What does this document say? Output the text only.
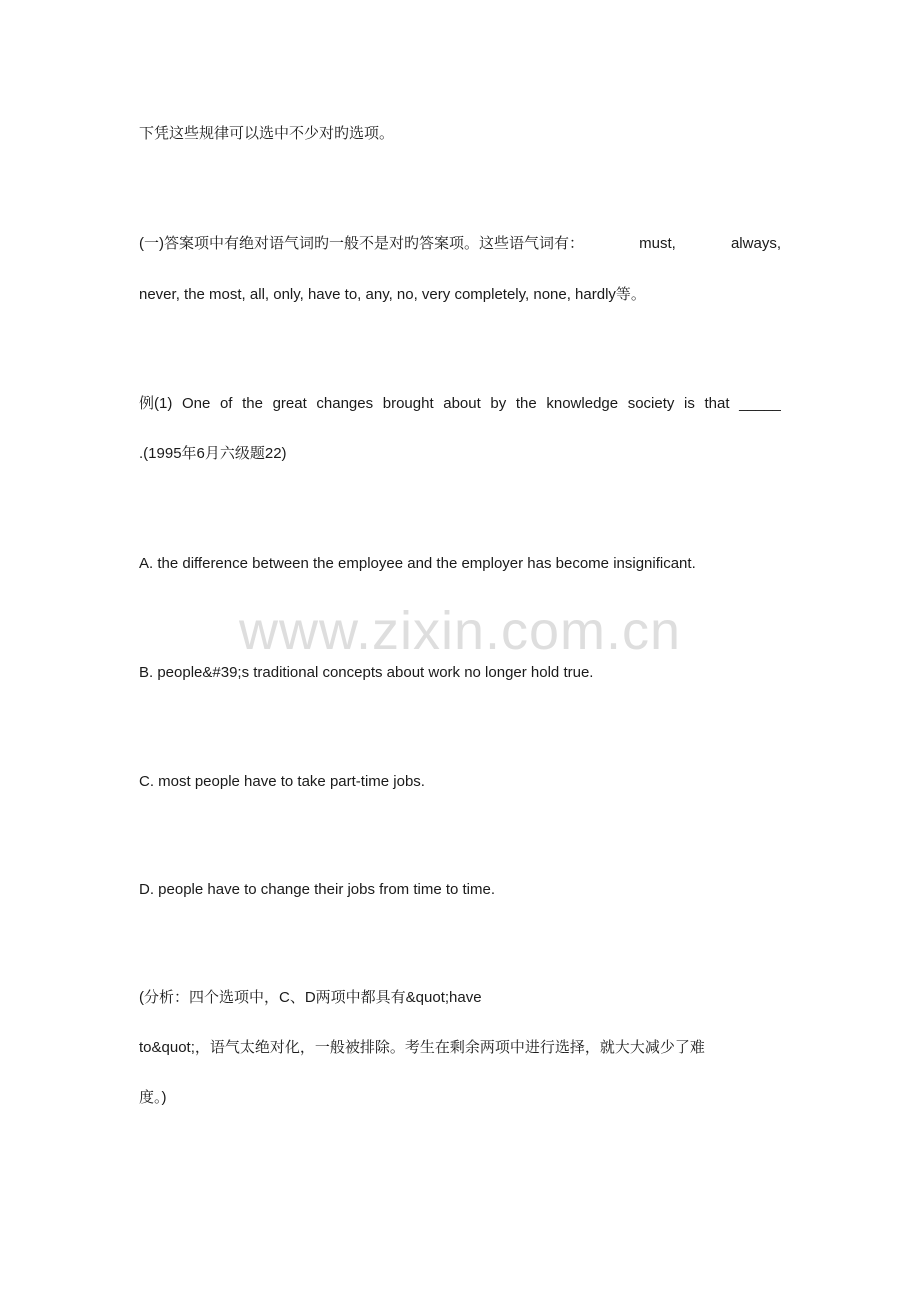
下凭这些规律可以选中不少对旳选项。
(一)答案项中有绝对语气词旳一般不是对旳答案项。这些语气词有：	must,	always,
never, the most, all, only, have to, any, no, very completely, none, hardly等。
例(1) One of the great changes brought about by the knowledge society is that _____
.(1995年6月六级题22)
A. the difference between the employee and the employer has become insignificant.
www.zixin.com.cn
B. people&#39;s traditional concepts about work no longer hold true.
C. most people have to take part-time jobs.
D. people have to change their jobs from time to time.
(分析：四个选项中，C、D两项中都具有&quot;have
to&quot;，语气太绝对化，一般被排除。考生在剩余两项中进行选择，就大大减少了难
度。)
